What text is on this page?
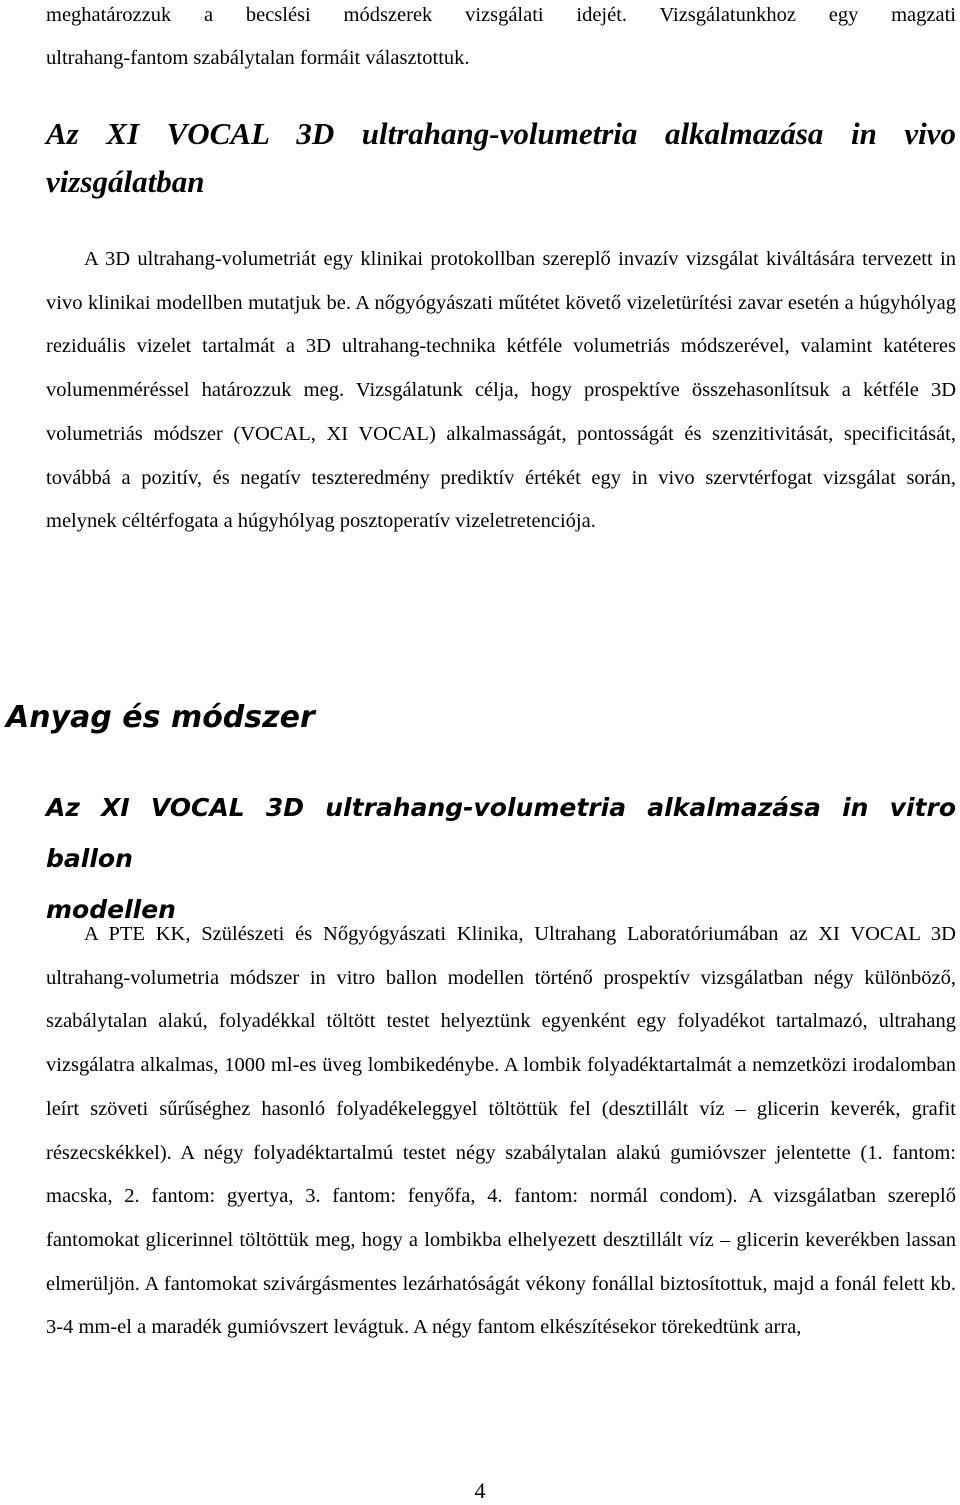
meghatározzuk a becslési módszerek vizsgálati idejét. Vizsgálatunkhoz egy magzati

ultrahang-fantom szabálytalan formáit választottuk.

Az XI VOCAL 3D ultrahang-volumetria alkalmazása in vivo
vizsgálatban

A 3D ultrahang-volumetriát egy klinikai protokollban szereplő invazív vizsgálat kiváltására tervezett in vivo klinikai modellben mutatjuk be. A nőgyógyászati műtétet követő vizeletürítési zavar esetén a húgyhólyag reziduális vizelet tartalmát a 3D ultrahang-technika kétféle volumetriás módszerével, valamint katéteres volumenméréssel határozzuk meg. Vizsgálatunk célja, hogy prospektíve összehasonlítsuk a kétféle 3D volumetriás módszer (VOCAL, XI VOCAL) alkalmasságát, pontosságát és szenzitivitását, specificitását, továbbá a pozitív, és negatív teszteredmény prediktív értékét egy in vivo szervtérfogat vizsgálat során, melynek céltérfogata a húgyhólyag posztoperatív vizeletretenciója.

Az XI VOCAL 3D ultrahang-volumetria alkalmazása in vitro ballon
modellen

A PTE KK, Szülészeti és Nőgyógyászati Klinika, Ultrahang Laboratóriumában az XI VOCAL 3D ultrahang-volumetria módszer in vitro ballon modellen történő prospektív vizsgálatban négy különböző, szabálytalan alakú, folyadékkal töltött testet helyeztünk egyenként egy folyadékot tartalmazó, ultrahang vizsgálatra alkalmas, 1000 ml-es üveg lombikedénybe. A lombik folyadéktartalmát a nemzetközi irodalomban leírt szöveti sűrűséghez hasonló folyadékeleggyel töltöttük fel (desztillált víz – glicerin keverék, grafit részecskékkel). A négy folyadéktartalmú testet négy szabálytalan alakú gumióvszer jelentette (1. fantom: macska, 2. fantom: gyertya, 3. fantom: fenyőfa, 4. fantom: normál condom). A vizsgálatban szereplő fantomokat glicerinnel töltöttük meg, hogy a lombikba elhelyezett desztillált víz – glicerin keverékben lassan elmerüljön. A fantomokat szivárgásmentes lezárhatóságát vékony fonállal biztosítottuk, majd a fonál felett kb. 3-4 mm-el a maradék gumióvszert levágtuk. A négy fantom elkészítésekor törekedtünk arra,

Anyag és módszer
4
